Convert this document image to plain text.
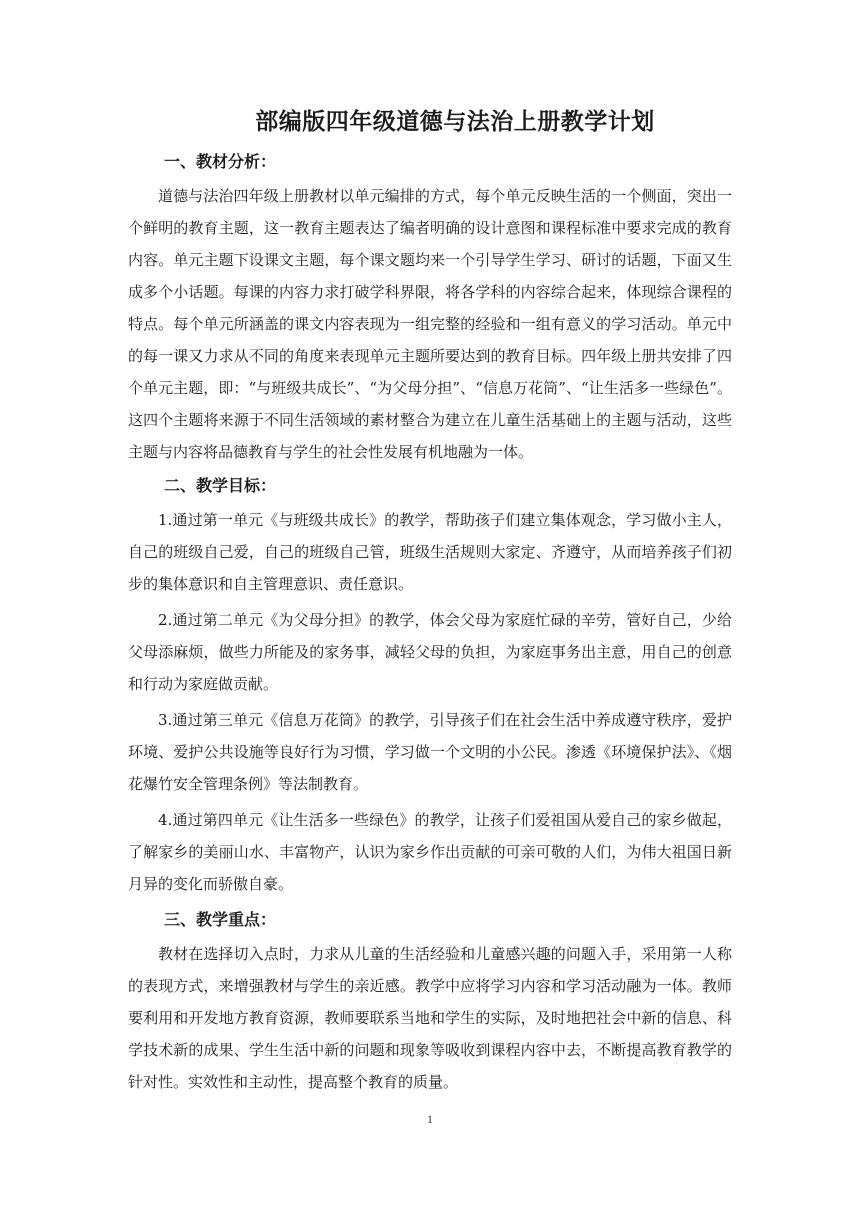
部编版四年级道德与法治上册教学计划
一、教材分析：

道德与法治四年级上册教材以单元编排的方式，每个单元反映生活的一个侧面，突出一个鲜明的教育主题，这一教育主题表达了编者明确的设计意图和课程标准中要求完成的教育内容。单元主题下设课文主题，每个课文题均来一个引导学生学习、研讨的话题，下面又生成多个小话题。每课的内容力求打破学科界限，将各学科的内容综合起来，体现综合课程的特点。每个单元所涵盖的课文内容表现为一组完整的经验和一组有意义的学习活动。单元中的每一课又力求从不同的角度来表现单元主题所要达到的教育目标。四年级上册共安排了四个单元主题，即：“与班级共成长”、“为父母分担”、“信息万花筒”、“让生活多一些绿色”。这四个主题将来源于不同生活领域的素材整合为建立在儿童生活基础上的主题与活动，这些主题与内容将品德教育与学生的社会性发展有机地融为一体。

二、教学目标：

1.通过第一单元《与班级共成长》的教学，帮助孩子们建立集体观念，学习做小主人，自己的班级自己爱，自己的班级自己管，班级生活规则大家定、齐遵守，从而培养孩子们初步的集体意识和自主管理意识、责任意识。

2.通过第二单元《为父母分担》的教学，体会父母为家庭忙碌的辛劳，管好自己，少给父母添麻烦，做些力所能及的家务事，减轻父母的负担，为家庭事务出主意，用自己的创意和行动为家庭做贡献。

3.通过第三单元《信息万花筒》的教学，引导孩子们在社会生活中养成遵守秩序，爱护环境、爱护公共设施等良好行为习惯，学习做一个文明的小公民。渗透《环境保护法》、《烟花爆竹安全管理条例》等法制教育。

4.通过第四单元《让生活多一些绿色》的教学，让孩子们爱祖国从爱自己的家乡做起，了解家乡的美丽山水、丰富物产，认识为家乡作出贡献的可亲可敬的人们，为伟大祖国日新月异的变化而骄傲自豪。

三、教学重点：

教材在选择切入点时，力求从儿童的生活经验和儿童感兴趣的问题入手，采用第一人称的表现方式，来增强教材与学生的亲近感。教学中应将学习内容和学习活动融为一体。教师要利用和开发地方教育资源，教师要联系当地和学生的实际，及时地把社会中新的信息、科学技术新的成果、学生生活中新的问题和现象等吸收到课程内容中去，不断提高教育教学的针对性。实效性和主动性，提高整个教育的质量。

1
